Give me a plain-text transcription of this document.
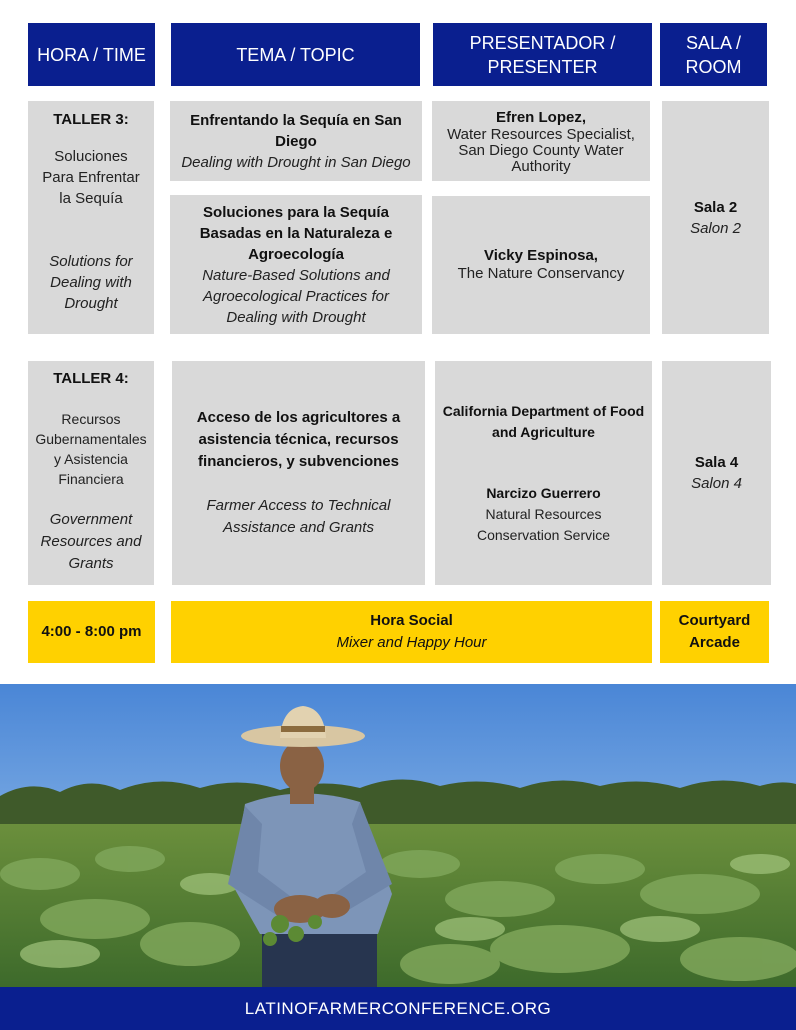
HORA / TIME	TEMA / TOPIC
PRESENTADOR /
PRESENTER
SALA /
ROOM
TALLER 3:
Soluciones
Para Enfrentar
la Sequía
Solutions for
Dealing with
Drought
Enfrentando la Sequía en San
Diego
Dealing with Drought in San Diego
Soluciones para la Sequía
Basadas en la Naturaleza e
Agroecología
Nature-Based Solutions and
Agroecological Practices for
Dealing with Drought
Efren Lopez,
Water Resources Specialist,
San Diego County Water
Authority
Vicky Espinosa,
The Nature Conservancy
Sala 2
Salon 2
TALLER 4:
Recursos
Gubernamentales
y Asistencia
Financiera
Government
Resources and
Grants
Acceso de los agricultores a
asistencia técnica, recursos
financieros, y subvenciones
Farmer Access to Technical
Assistance and Grants
California Department of Food
and Agriculture
Narcizo Guerrero
Natural Resources
Conservation Service
Sala 4
Salon 4
4:00 - 8:00 pm
Hora Social
Mixer and Happy Hour
Courtyard
Arcade
LATINOFARMERCONFERENCE.ORG
